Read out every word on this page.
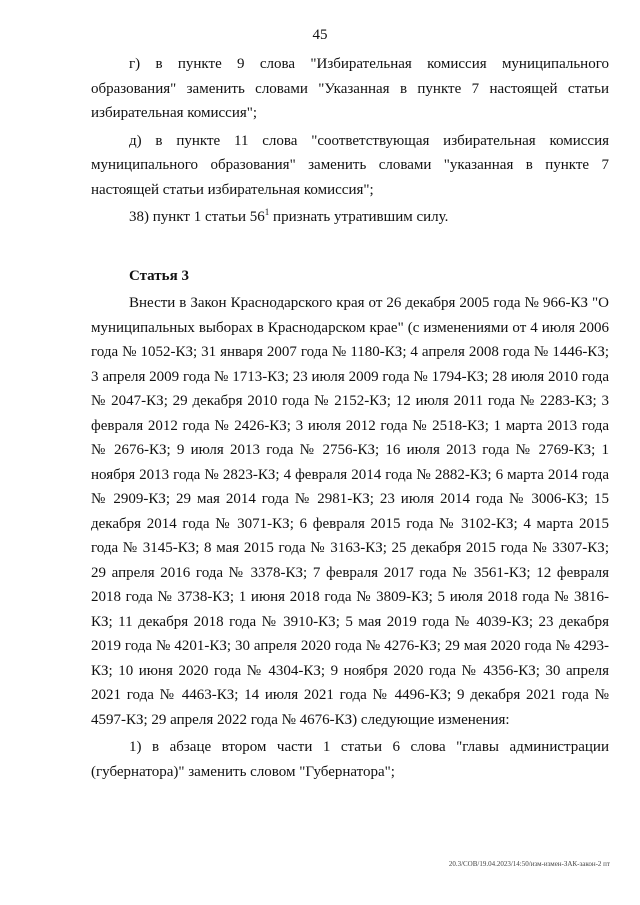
45

г) в пункте 9 слова "Избирательная комиссия муниципального образования" заменить словами "Указанная в пункте 7 настоящей статьи избирательная комиссия";

д) в пункте 11 слова "соответствующая избирательная комиссия муниципального образования" заменить словами "указанная в пункте 7 настоящей статьи избирательная комиссия";

38) пункт 1 статьи $56^1$ признать утратившим силу.

Статья 3

Внести в Закон Краснодарского края от 26 декабря 2005 года № 966-КЗ "О муниципальных выборах в Краснодарском крае" (с изменениями от 4 июля 2006 года № 1052-КЗ; 31 января 2007 года № 1180-КЗ; 4 апреля 2008 года № 1446-КЗ; 3 апреля 2009 года № 1713-КЗ; 23 июля 2009 года № 1794-КЗ; 28 июля 2010 года № 2047-КЗ; 29 декабря 2010 года № 2152-КЗ; 12 июля 2011 года № 2283-КЗ; 3 февраля 2012 года № 2426-КЗ; 3 июля 2012 года № 2518-КЗ; 1 марта 2013 года № 2676-КЗ; 9 июля 2013 года № 2756-КЗ; 16 июля 2013 года № 2769-КЗ; 1 ноября 2013 года № 2823-КЗ; 4 февраля 2014 года № 2882-КЗ; 6 марта 2014 года № 2909-КЗ; 29 мая 2014 года № 2981-КЗ; 23 июля 2014 года № 3006-КЗ; 15 декабря 2014 года № 3071-КЗ; 6 февраля 2015 года № 3102-КЗ; 4 марта 2015 года № 3145-КЗ; 8 мая 2015 года № 3163-КЗ; 25 декабря 2015 года № 3307-КЗ; 29 апреля 2016 года № 3378-КЗ; 7 февраля 2017 года № 3561-КЗ; 12 февраля 2018 года № 3738-КЗ; 1 июня 2018 года № 3809-КЗ; 5 июля 2018 года № 3816-КЗ; 11 декабря 2018 года № 3910-КЗ; 5 мая 2019 года № 4039-КЗ; 23 декабря 2019 года № 4201-КЗ; 30 апреля 2020 года № 4276-КЗ; 29 мая 2020 года № 4293-КЗ; 10 июня 2020 года № 4304-КЗ; 9 ноября 2020 года № 4356-КЗ; 30 апреля 2021 года № 4463-КЗ; 14 июля 2021 года № 4496-КЗ; 9 декабря 2021 года № 4597-КЗ; 29 апреля 2022 года № 4676-КЗ) следующие изменения:

1) в абзаце втором части 1 статьи 6 слова "главы администрации (губернатора)" заменить словом "Губернатора";

20.3/СОВ/19.04.2023/14:50/изм-измен-ЗАК-закон-2 пт
